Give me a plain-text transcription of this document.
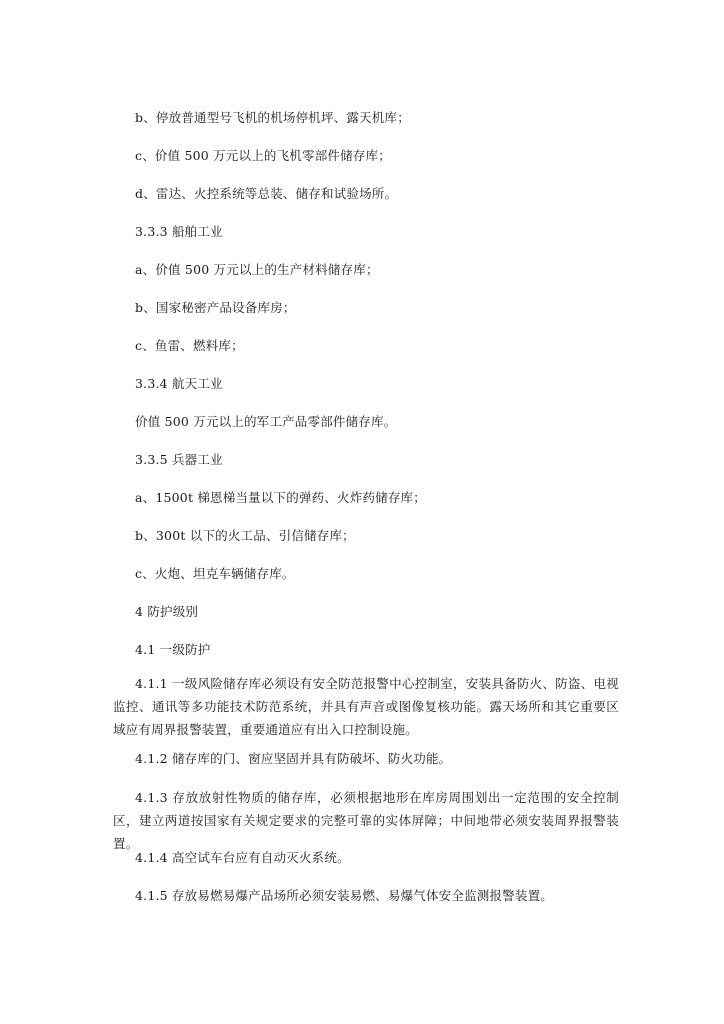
b、停放普通型号飞机的机场停机坪、露天机库；
c、价值 500 万元以上的飞机零部件储存库；
d、雷达、火控系统等总装、储存和试验场所。
3.3.3 船舶工业
a、价值 500 万元以上的生产材料储存库；
b、国家秘密产品设备库房；
c、鱼雷、燃料库；
3.3.4 航天工业
价值 500 万元以上的军工产品零部件储存库。
3.3.5 兵器工业
a、1500t 梯恩梯当量以下的弹药、火炸药储存库；
b、300t 以下的火工品、引信储存库；
c、火炮、坦克车辆储存库。
4 防护级别
4.1 一级防护
4.1.1 一级风险储存库必须设有安全防范报警中心控制室，安装具备防火、防盗、电视监控、通讯等多功能技术防范系统，并具有声音或图像复核功能。露天场所和其它重要区域应有周界报警装置，重要通道应有出入口控制设施。
4.1.2 储存库的门、窗应坚固并具有防破坏、防火功能。
4.1.3 存放放射性物质的储存库，必须根据地形在库房周围划出一定范围的安全控制区，建立两道按国家有关规定要求的完整可靠的实体屏障；中间地带必须安装周界报警装置。
4.1.4 高空试车台应有自动灭火系统。
4.1.5 存放易燃易爆产品场所必须安装易燃、易爆气体安全监测报警装置。
